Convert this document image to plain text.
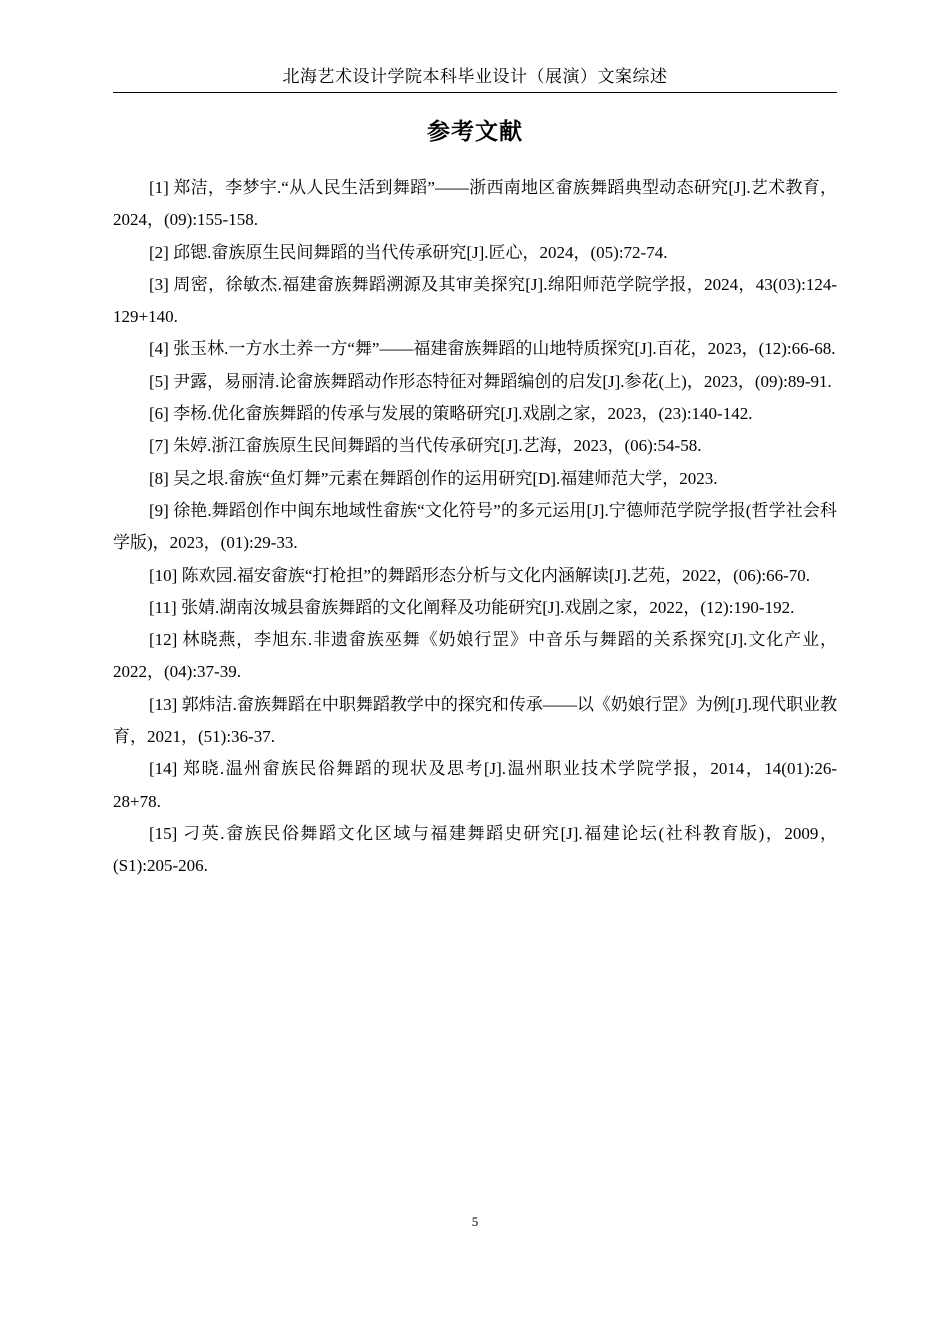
北海艺术设计学院本科毕业设计（展演）文案综述
参考文献
[1] 郑洁，李梦宇.“从人民生活到舞蹈”——浙西南地区畲族舞蹈典型动态研究[J].艺术教育，2024，(09):155-158.
[2] 邱锶.畲族原生民间舞蹈的当代传承研究[J].匠心，2024，(05):72-74.
[3] 周密，徐敏杰.福建畲族舞蹈溯源及其审美探究[J].绵阳师范学院学报，2024，43(03):124-129+140.
[4] 张玉林.一方水土养一方“舞”——福建畲族舞蹈的山地特质探究[J].百花，2023，(12):66-68.
[5] 尹露，易丽清.论畲族舞蹈动作形态特征对舞蹈编创的启发[J].参花(上)，2023，(09):89-91.
[6] 李杨.优化畲族舞蹈的传承与发展的策略研究[J].戏剧之家，2023，(23):140-142.
[7] 朱婷.浙江畲族原生民间舞蹈的当代传承研究[J].艺海，2023，(06):54-58.
[8] 吴之垠.畲族“鱼灯舞”元素在舞蹈创作的运用研究[D].福建师范大学，2023.
[9] 徐艳.舞蹈创作中闽东地域性畲族“文化符号”的多元运用[J].宁德师范学院学报(哲学社会科学版)，2023，(01):29-33.
[10] 陈欢园.福安畲族“打枪担”的舞蹈形态分析与文化内涵解读[J].艺苑，2022，(06):66-70.
[11] 张婧.湖南汝城县畲族舞蹈的文化阐释及功能研究[J].戏剧之家，2022，(12):190-192.
[12] 林晓燕，李旭东.非遗畲族巫舞《奶娘行罡》中音乐与舞蹈的关系探究[J].文化产业，2022，(04):37-39.
[13] 郭炜洁.畲族舞蹈在中职舞蹈教学中的探究和传承——以《奶娘行罡》为例[J].现代职业教育，2021，(51):36-37.
[14] 郑晓.温州畲族民俗舞蹈的现状及思考[J].温州职业技术学院学报，2014，14(01):26-28+78.
[15] 刁英.畲族民俗舞蹈文化区域与福建舞蹈史研究[J].福建论坛(社科教育版)，2009，(S1):205-206.
5
